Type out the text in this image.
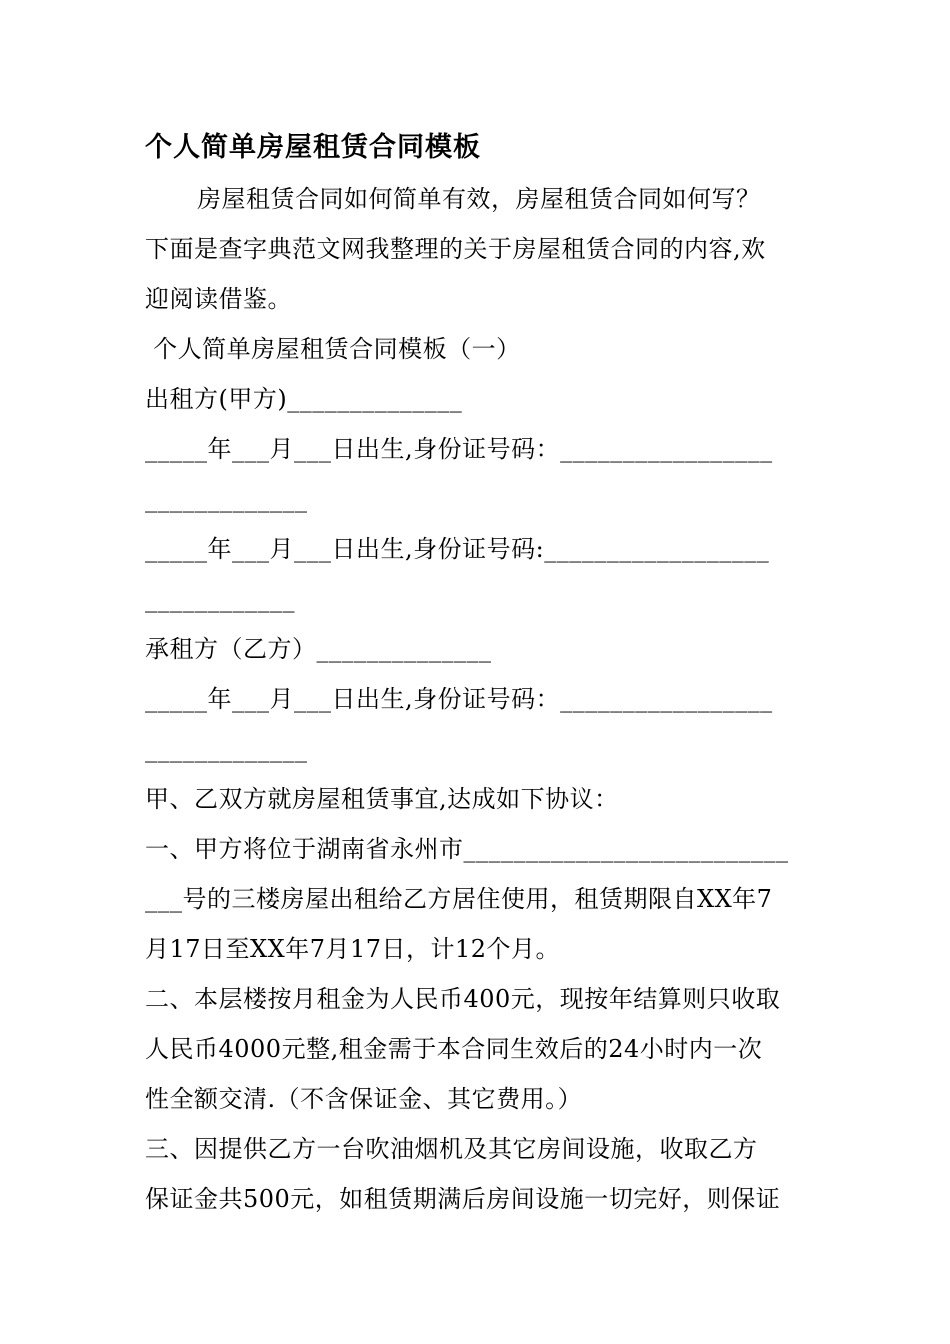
个人简单房屋租赁合同模板

房屋租赁合同如何简单有效，房屋租赁合同如何写？

下面是查字典范文网我整理的关于房屋租赁合同的内容,欢

迎阅读借鉴。

个人简单房屋租赁合同模板（一）

出租方(甲方)______________

_____年___月___日出生,身份证号码：_________________

_____________

_____年___月___日出生,身份证号码:__________________

____________

承租方（乙方）______________

_____年___月___日出生,身份证号码：_________________

_____________

甲、乙双方就房屋租赁事宜,达成如下协议：

一、甲方将位于湖南省永州市__________________________

___号的三楼房屋出租给乙方居住使用，租赁期限自XX年7

月17日至XX年7月17日，计12个月。

二、本层楼按月租金为人民币400元，现按年结算则只收取

人民币4000元整,租金需于本合同生效后的24小时内一次

性全额交清.（不含保证金、其它费用。）

三、因提供乙方一台吹油烟机及其它房间设施，收取乙方

保证金共500元，如租赁期满后房间设施一切完好，则保证
